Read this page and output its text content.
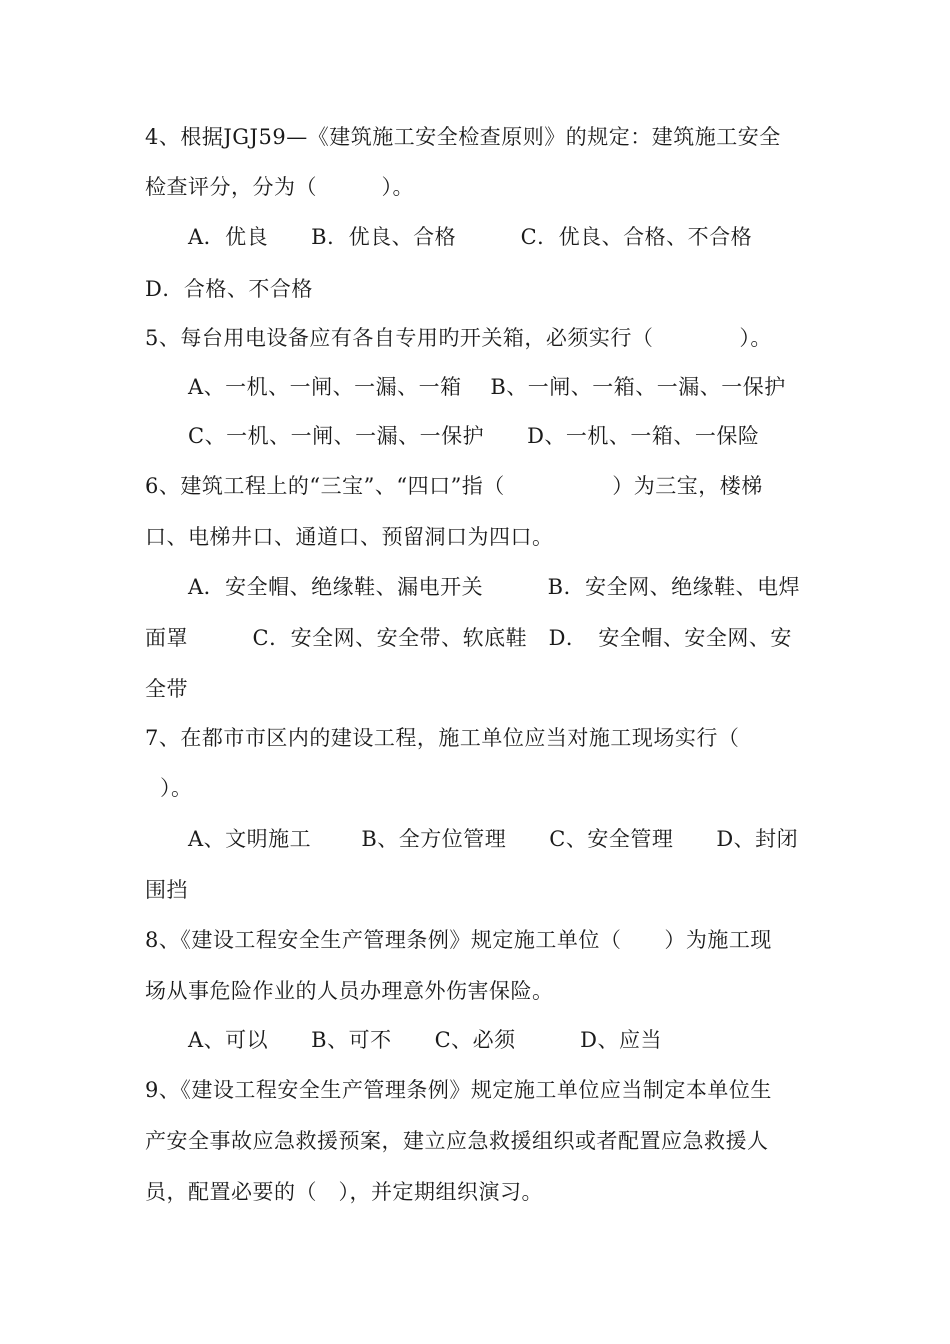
4、根据JGJ59—《建筑施工安全检查原则》的规定：建筑施工安全
检查评分，分为（　　　）。
A．优良　　B．优良、合格　　　C．优良、合格、不合格
D．合格、不合格
5、每台用电设备应有各自专用旳开关箱，必须实行（　　　　）。
A、一机、一闸、一漏、一箱　 B、一闸、一箱、一漏、一保护
C、一机、一闸、一漏、一保护　　D、一机、一箱、一保险
6、建筑工程上的“三宝”、“四口”指（　　　　　）为三宝，楼梯
口、电梯井口、通道口、预留洞口为四口。
A．安全帽、绝缘鞋、漏电开关　　　B．安全网、绝缘鞋、电焊
面罩　　　C．安全网、安全带、软底鞋　D．　安全帽、安全网、安
全带
7、在都市市区内的建设工程，施工单位应当对施工现场实行（
）。
A、文明施工　　 B、全方位管理　　C、安全管理　　D、封闭
围挡
8、《建设工程安全生产管理条例》规定施工单位（　　）为施工现
场从事危险作业的人员办理意外伤害保险。
A、可以　　B、可不　　C、必须　　　D、应当
9、《建设工程安全生产管理条例》规定施工单位应当制定本单位生
产安全事故应急救援预案，建立应急救援组织或者配置应急救援人
员，配置必要的（　），并定期组织演习。
